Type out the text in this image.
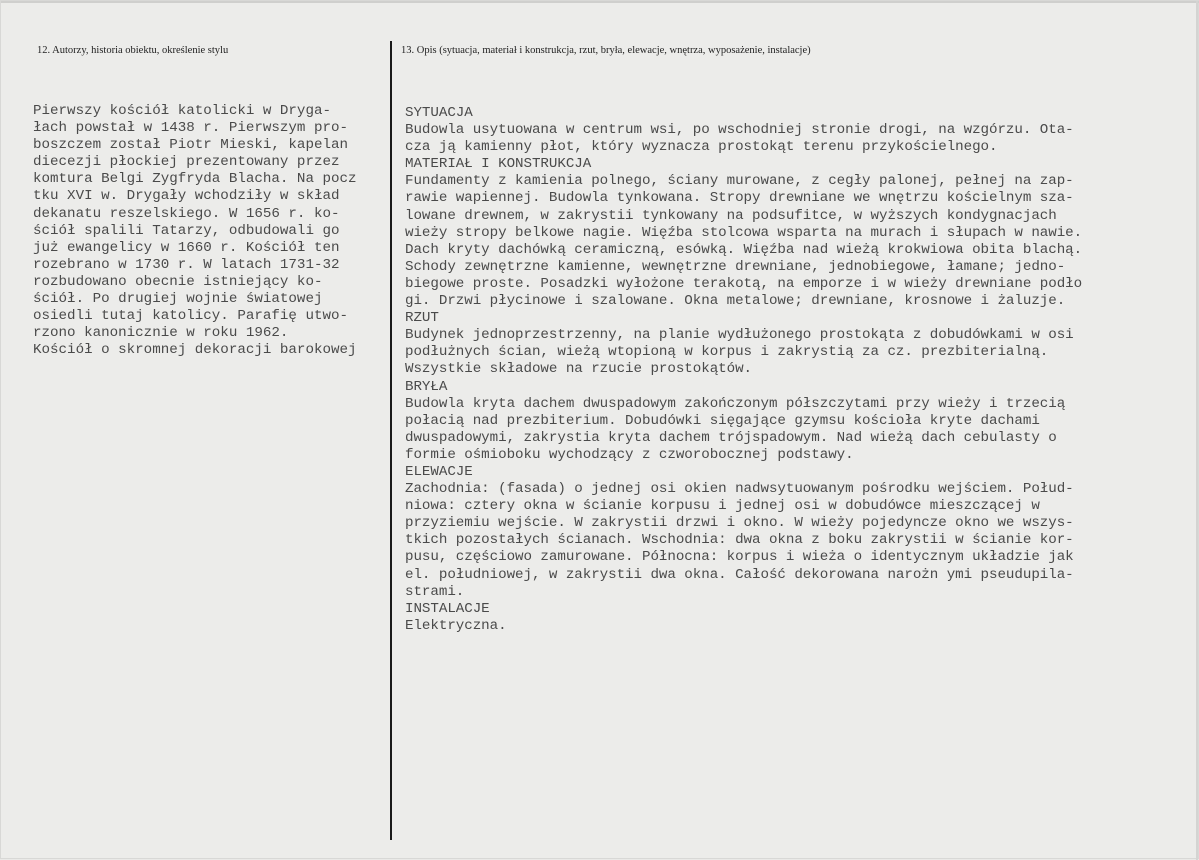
12. Autorzy, historia obiektu, określenie stylu	13. Opis (sytuacja, materiał i konstrukcja, rzut, bryła, elewacje, wnętrza, wyposażenie, instalacje)
Pierwszy kościół katolicki w Dryga-
łach powstał w 1438 r. Pierwszym pro-
boszczem został Piotr Mieski, kapelan
diecezji płockiej prezentowany przez
komtura Belgi Zygfryda Blacha. Na pocz
tku XVI w. Drygały wchodziły w skład
dekanatu reszelskiego. W 1656 r. ko-
ściół spalili Tatarzy, odbudowali go
już ewangelicy w 1660 r. Kościół ten
rozebrano w 1730 r. W latach 1731-32
rozbudowano obecnie istniejący ko-
ściół. Po drugiej wojnie światowej
osiedli tutaj katolicy. Parafię utwo-
rzono kanonicznie w roku 1962.
Kościół o skromnej dekoracji barokowej
SYTUACJA
Budowla usytuowana w centrum wsi, po wschodniej stronie drogi, na wzgórzu. Ota-
cza ją kamienny płot, który wyznacza prostokąt terenu przykościelnego.
MATERIAŁ I KONSTRUKCJA
Fundamenty z kamienia polnego, ściany murowane, z cegły palonej, pełnej na zap-
rawie wapiennej. Budowla tynkowana. Stropy drewniane we wnętrzu kościelnym sza-
lowane drewnem, w zakrystii tynkowany na podsufitce, w wyższych kondygnacjach
wieży stropy belkowe nagie. Więźba stolcowa wsparta na murach i słupach w nawie.
Dach kryty dachówką ceramiczną, esówką. Więźba nad wieżą krokwiowa obita blachą.
Schody zewnętrzne kamienne, wewnętrzne drewniane, jednobiegowe, łamane; jedno-
biegowe proste. Posadzki wyłożone terakotą, na emporze i w wieży drewniane podło
gi. Drzwi płycinowe i szalowane. Okna metalowe; drewniane, krosnowe i żaluzje.
RZUT
Budynek jednoprzestrzenny, na planie wydłużonego prostokąta z dobudówkami w osi
podłużnych ścian, wieżą wtopioną w korpus i zakrystią za cz. prezbiterialną.
Wszystkie składowe na rzucie prostokątów.
BRYŁA
Budowla kryta dachem dwuspadowym zakończonym półszczytami przy wieży i trzecią
połacią nad prezbiterium. Dobudówki sięgające gzymsu kościoła kryte dachami
dwuspadowymi, zakrystia kryta dachem trójspadowym. Nad wieżą dach cebulasty o
formie ośmioboku wychodzący z czworobocznej podstawy.
ELEWACJE
Zachodnia: (fasada) o jednej osi okien nadwsytuowanym pośrodku wejściem. Połud-
niowa: cztery okna w ścianie korpusu i jednej osi w dobudówce mieszczącej w
przyziemiu wejście. W zakrystii drzwi i okno. W wieży pojedyncze okno we wszys-
tkich pozostałych ścianach. Wschodnia: dwa okna z boku zakrystii w ścianie kor-
pusu, częściowo zamurowane. Północna: korpus i wieża o identycznym układzie jak
el. południowej, w zakrystii dwa okna. Całość dekorowana narożn ymi pseudupila-
strami.
INSTALACJE
Elektryczna.
